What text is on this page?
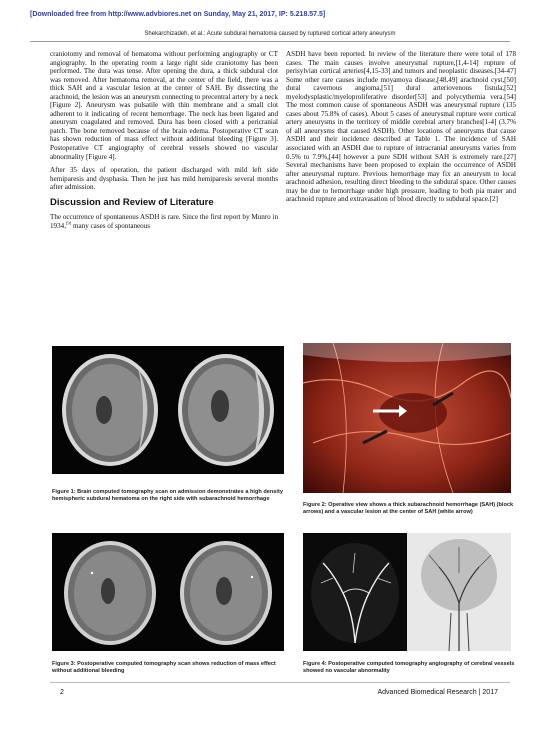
[Downloaded free from http://www.advbiores.net on Sunday, May 21, 2017, IP: 5.218.57.5]
Shekarchizadeh, et al.: Acute subdural hematoma caused by ruptured cortical artery aneurysm

craniotomy and removal of hematoma without performing angiography or CT angiography. In the operating room a large right side craniotomy has been performed. The dura was tense. After opening the dura, a thick subdural clot was removed. After hematoma removal, at the center of the field, there was a thick SAH and a vascular lesion at the center of SAH. By dissecting the arachnoid, the lesion was an aneurysm connecting to precentral artery by a neck [Figure 2]. Aneurysm was pulsatile with thin membrane and a small clot adherent to it indicating of recent hemorrhage. The neck has been ligated and aneurysm coagulated and removed. Dura has been closed with a pericranial patch. The bone removed because of the brain edema. Postoperative CT scan has shown reduction of mass effect without additional bleeding [Figure 3]. Postoperative CT angiography of cerebral vessels showed no vascular abnormality [Figure 4].

After 35 days of operation, the patient discharged with mild left side hemiparesis and dysphasia. Then he just has mild hemiparesis several months after admission.

Discussion and Review of Literature

The occurrence of spontaneous ASDH is rare. Since the first report by Munro in 1934,[9] many cases of spontaneous

ASDH have been reported. In review of the literature there were total of 178 cases. The main causes involve aneurysmal rupture,[1,4-14] rupture of perisylvian cortical arteries[4,15-33] and tumors and neoplastic diseases.[34-47] Some other rare causes include moyamoya disease,[48,49] arachnoid cyst,[50] dural cavernous angioma,[51] dural arteriovenous fistula,[52] myelodysplastic/myeloproliferative disorder[53] and polycythemia vera.[54] The most common cause of spontaneous ASDH was aneurysmal rupture (135 cases about 75.8% of cases). About 5 cases of aneurysmal rupture were cortical artery aneurysms in the territory of middle cerebral artery branches[1-4] (3.7% of all aneurysms that caused ASDH). Other locations of aneurysms that cause ASDH and their incidence described at Table 1. The incidence of SAH associated with an ASDH due to rupture of intracranial aneurysms varies from 0.5% to 7.9%,[44] however a pure SDH without SAH is extremely rare.[27] Several mechanisms have been proposed to explain the occurrence of ASDH after aneurysmal rupture. Previous hemorrhage may fix an aneurysm to local arachnoid adhesion, resulting direct bleeding to the subdural space. Other causes may be due to hemorrhage under high pressure, leading to both pia mater and arachnoid rupture and extravasation of blood directly to subdural space.[2]

Figure 1: Brain computed tomography scan on admission demonstrates a high density hemispheric subdural hematoma on the right side with subarachnoid hemorrhage
Figure 2: Operative view shows a thick subarachnoid hemorrhage (SAH) (block arrows) and a vascular lesion at the center of SAH (white arrow)
Figure 3: Postoperative computed tomography scan shows reduction of mass effect without additional bleeding
Figure 4: Postoperative computed tomography angiography of cerebral vessels showed no vascular abnormality
2	Advanced Biomedical Research | 2017
